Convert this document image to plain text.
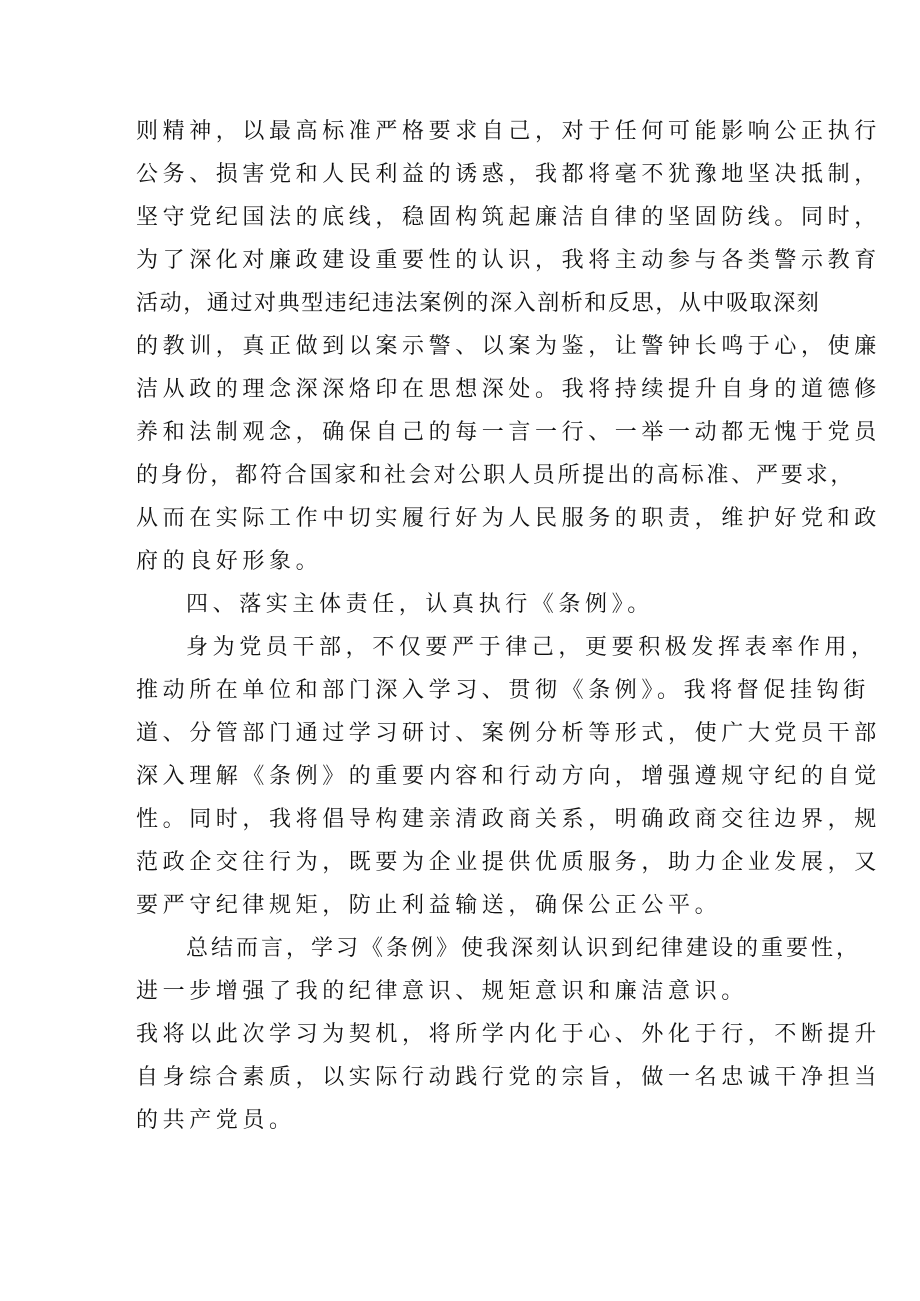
则精神，以最高标准严格要求自己，对于任何可能影响公正执行
公务、损害党和人民利益的诱惑，我都将毫不犹豫地坚决抵制，
坚守党纪国法的底线，稳固构筑起廉洁自律的坚固防线。同时，
为了深化对廉政建设重要性的认识，我将主动参与各类警示教育
活动，通过对典型违纪违法案例的深入剖析和反思，从中吸取深刻
的教训，真正做到以案示警、以案为鉴，让警钟长鸣于心，使廉
洁从政的理念深深烙印在思想深处。我将持续提升自身的道德修
养和法制观念，确保自己的每一言一行、一举一动都无愧于党员
的身份，都符合国家和社会对公职人员所提出的高标准、严要求，
从而在实际工作中切实履行好为人民服务的职责，维护好党和政
府的良好形象。
四、落实主体责任，认真执行《条例》。
身为党员干部，不仅要严于律己，更要积极发挥表率作用，
推动所在单位和部门深入学习、贯彻《条例》。我将督促挂钩街
道、分管部门通过学习研讨、案例分析等形式，使广大党员干部
深入理解《条例》的重要内容和行动方向，增强遵规守纪的自觉
性。同时，我将倡导构建亲清政商关系，明确政商交往边界，规
范政企交往行为，既要为企业提供优质服务，助力企业发展，又
要严守纪律规矩，防止利益输送，确保公正公平。
总结而言，学习《条例》使我深刻认识到纪律建设的重要性，
进一步增强了我的纪律意识、规矩意识和廉洁意识。
我将以此次学习为契机，将所学内化于心、外化于行，不断提升
自身综合素质，以实际行动践行党的宗旨，做一名忠诚干净担当
的共产党员。
